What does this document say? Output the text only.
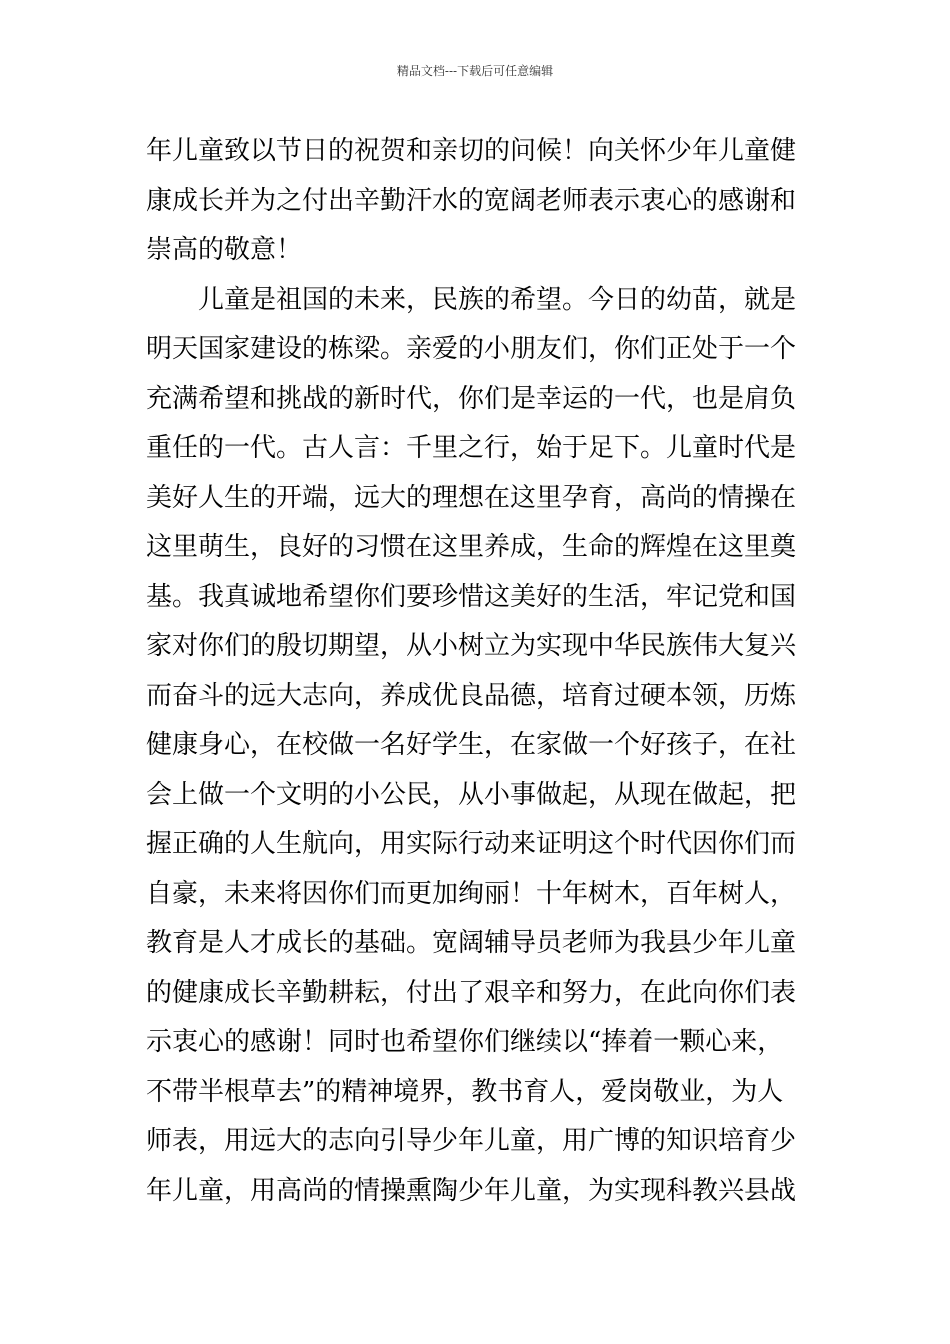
精品文档---下载后可任意编辑
年儿童致以节日的祝贺和亲切的问候！向关怀少年儿童健
康成长并为之付出辛勤汗水的宽阔老师表示衷心的感谢和
崇高的敬意！
儿童是祖国的未来，民族的希望。今日的幼苗，就是
明天国家建设的栋梁。亲爱的小朋友们，你们正处于一个
充满希望和挑战的新时代，你们是幸运的一代，也是肩负
重任的一代。古人言：千里之行，始于足下。儿童时代是
美好人生的开端，远大的理想在这里孕育，高尚的情操在
这里萌生，良好的习惯在这里养成，生命的辉煌在这里奠
基。我真诚地希望你们要珍惜这美好的生活，牢记党和国
家对你们的殷切期望，从小树立为实现中华民族伟大复兴
而奋斗的远大志向，养成优良品德，培育过硬本领，历炼
健康身心，在校做一名好学生，在家做一个好孩子，在社
会上做一个文明的小公民，从小事做起，从现在做起，把
握正确的人生航向，用实际行动来证明这个时代因你们而
自豪，未来将因你们而更加绚丽！十年树木，百年树人，
教育是人才成长的基础。宽阔辅导员老师为我县少年儿童
的健康成长辛勤耕耘，付出了艰辛和努力，在此向你们表
示衷心的感谢！同时也希望你们继续以“捧着一颗心来，
不带半根草去”的精神境界，教书育人，爱岗敬业，为人
师表，用远大的志向引导少年儿童，用广博的知识培育少
年儿童，用高尚的情操熏陶少年儿童，为实现科教兴县战
